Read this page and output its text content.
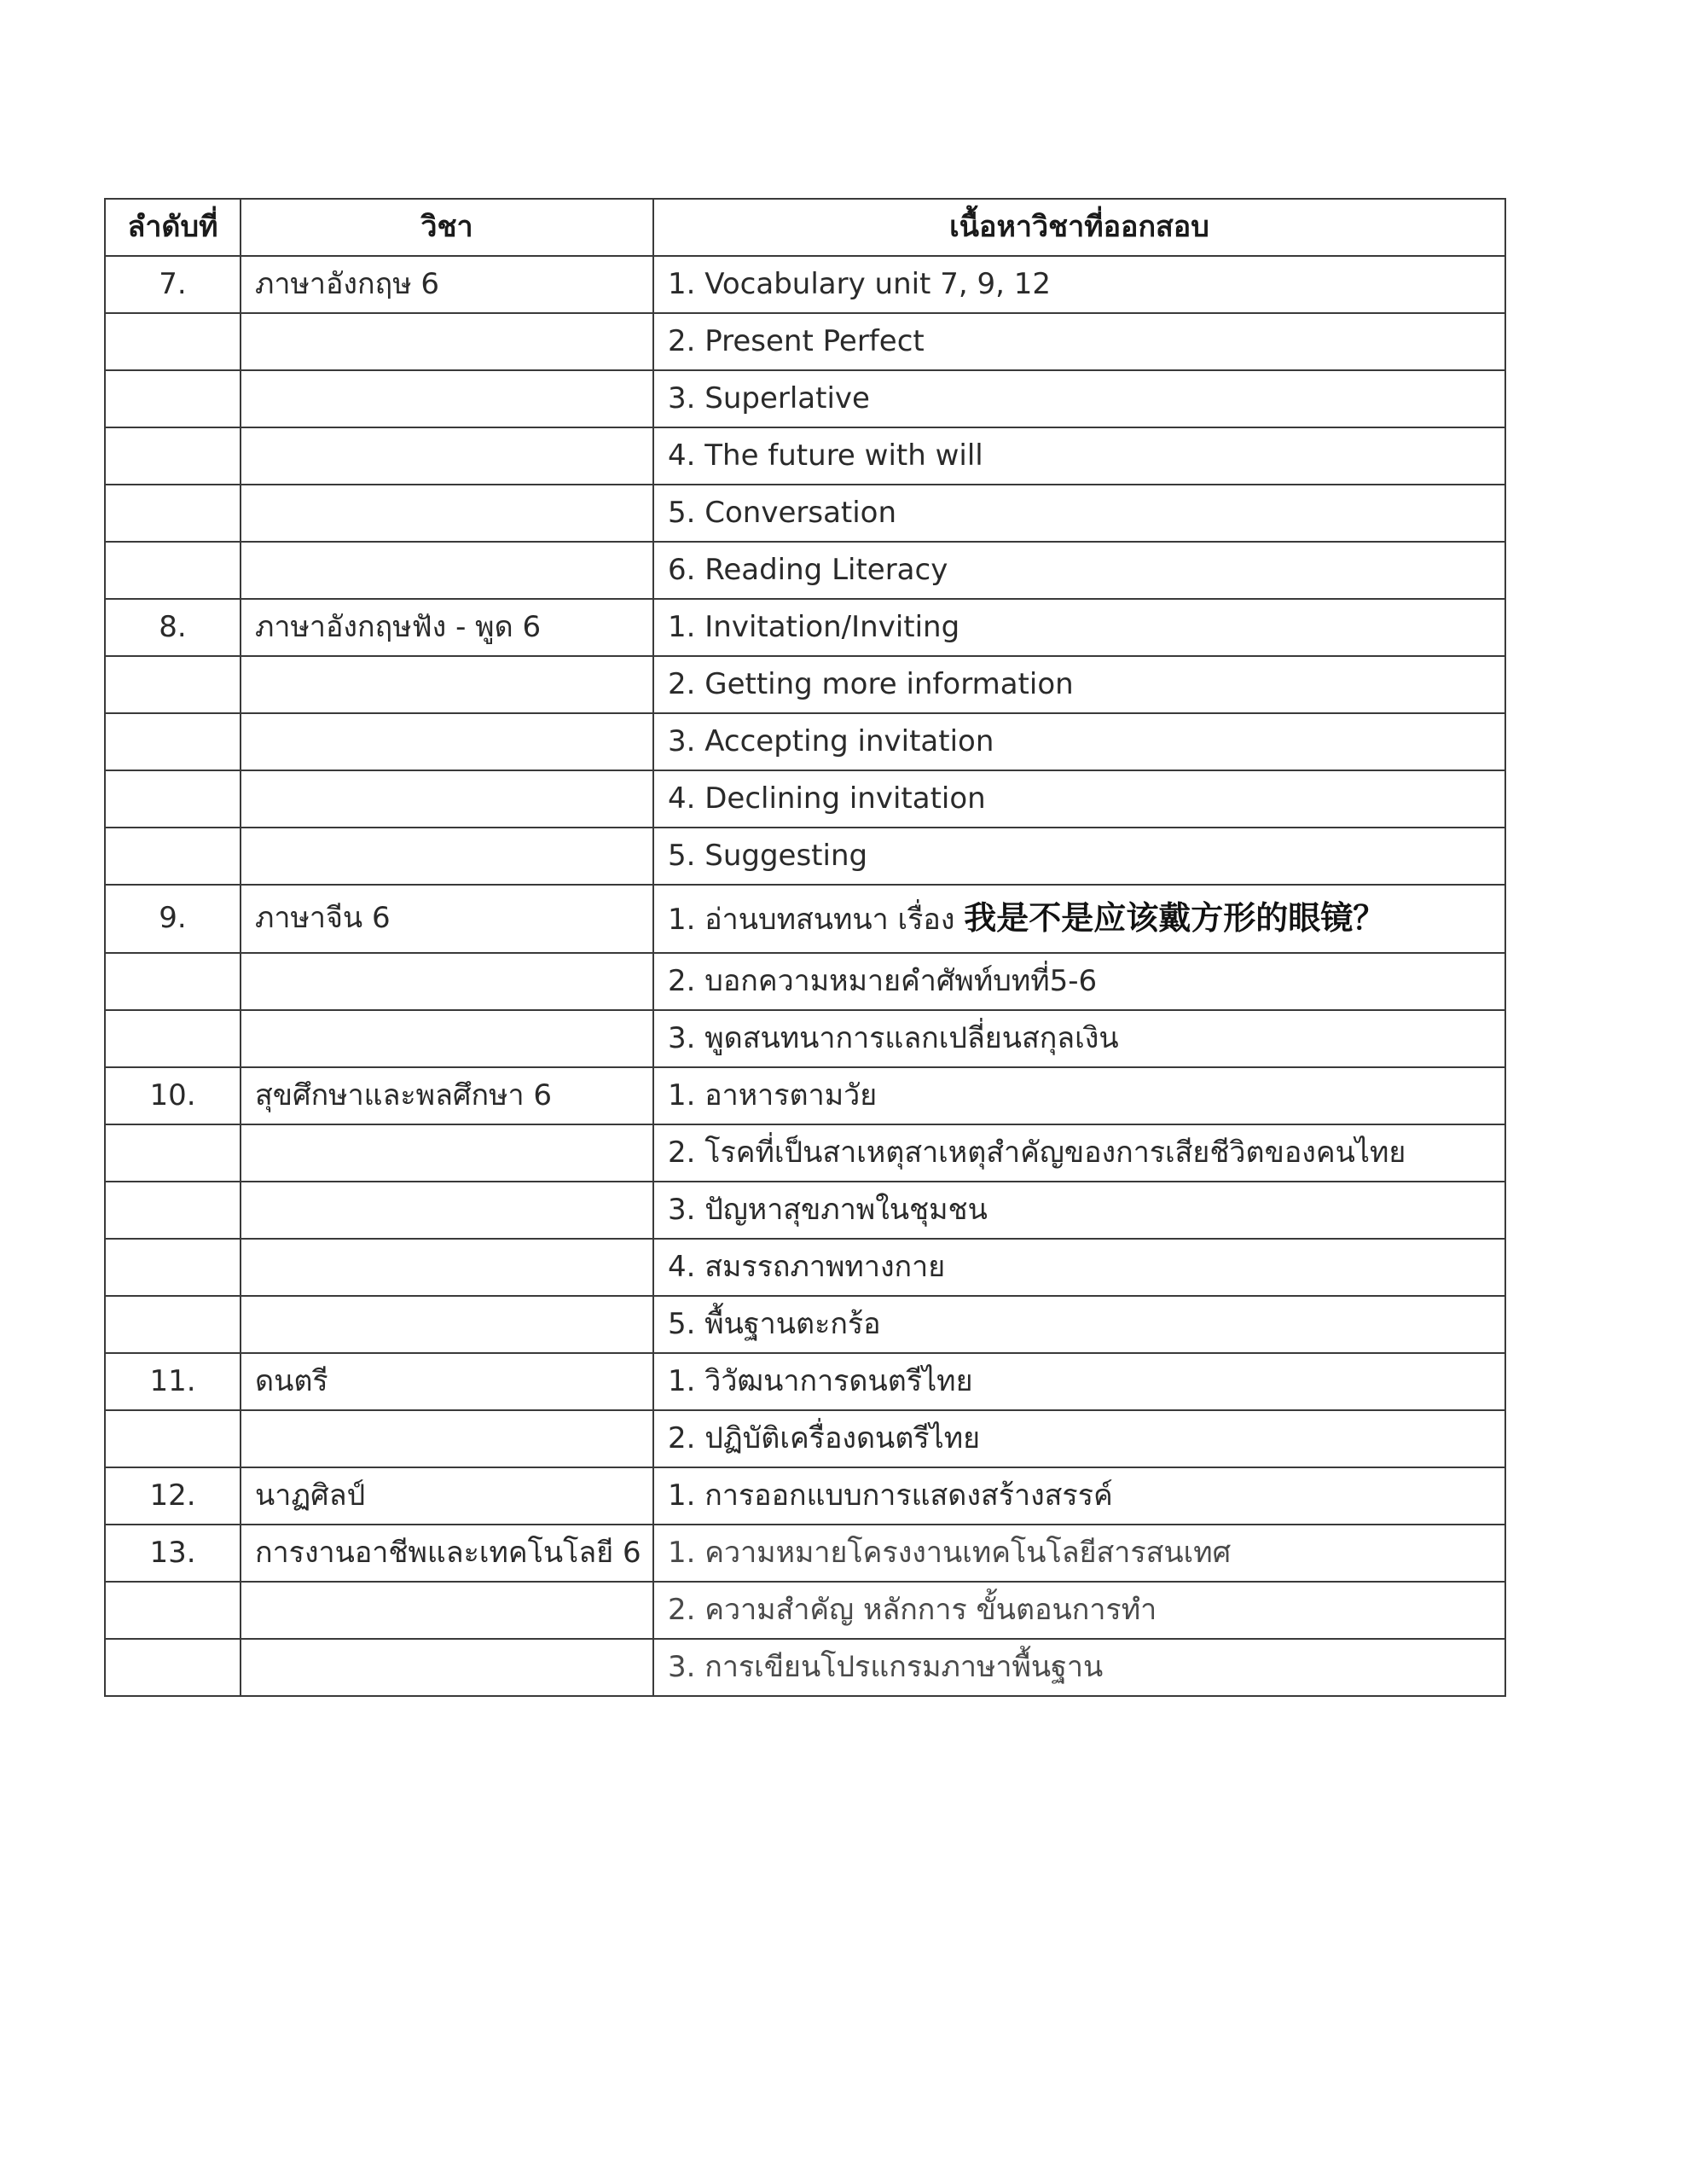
ลำดับที่	วิชา	เนื้อหาวิชาที่ออกสอบ
7.	ภาษาอังกฤษ 6	1. Vocabulary unit 7, 9, 12
		2. Present Perfect
		3. Superlative
		4. The future with will
		5. Conversation
		6. Reading Literacy
8.	ภาษาอังกฤษฟัง - พูด 6	1. Invitation/Inviting
		2. Getting more information
		3. Accepting invitation
		4. Declining invitation
		5. Suggesting
9.	ภาษาจีน 6	1. อ่านบทสนทนา เรื่อง 我是不是应该戴方形的眼镜？
		2. บอกความหมายคำศัพท์บทที่5-6
		3. พูดสนทนาการแลกเปลี่ยนสกุลเงิน
10.	สุขศึกษาและพลศึกษา 6	1. อาหารตามวัย
		2. โรคที่เป็นสาเหตุสาเหตุสำคัญของการเสียชีวิตของคนไทย
		3. ปัญหาสุขภาพในชุมชน
		4. สมรรถภาพทางกาย
		5. พื้นฐานตะกร้อ
11.	ดนตรี	1. วิวัฒนาการดนตรีไทย
		2. ปฏิบัติเครื่องดนตรีไทย
12.	นาฏศิลป์	1. การออกแบบการแสดงสร้างสรรค์
13.	การงานอาชีพและเทคโนโลยี 6	1. ความหมายโครงงานเทคโนโลยีสารสนเทศ
		2. ความสำคัญ หลักการ ขั้นตอนการทำ
		3. การเขียนโปรแกรมภาษาพื้นฐาน
